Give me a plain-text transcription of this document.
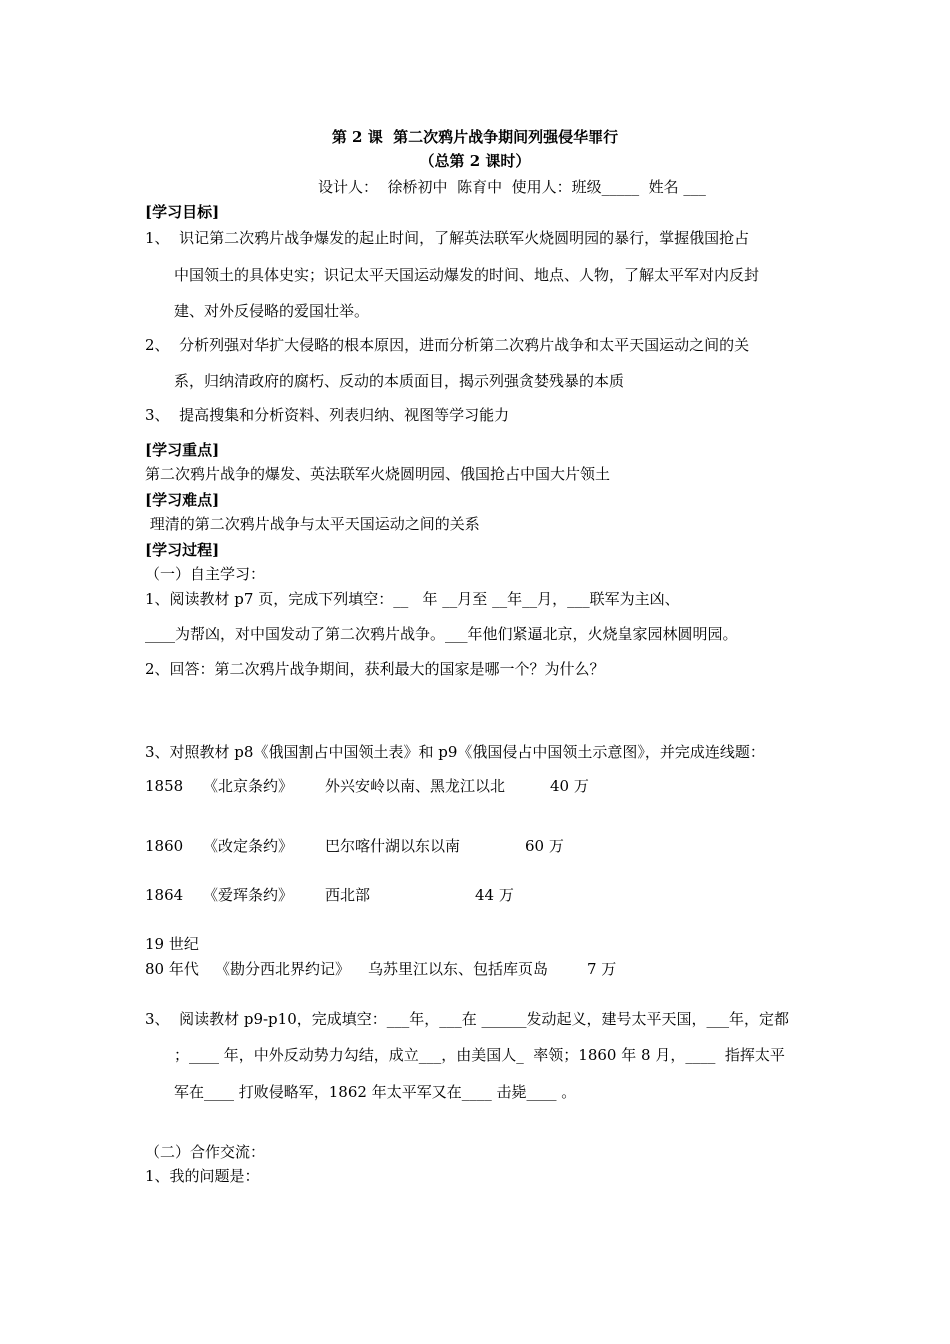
第 2 课  第二次鸦片战争期间列强侵华罪行
（总第 2 课时）
设计人：  徐桥初中  陈育中  使用人：班级_____  姓名 ___
[学习目标]
1、  识记第二次鸦片战争爆发的起止时间，了解英法联军火烧圆明园的暴行，掌握俄国抢占
中国领土的具体史实；识记太平天国运动爆发的时间、地点、人物，了解太平军对内反封
建、对外反侵略的爱国壮举。
2、  分析列强对华扩大侵略的根本原因，进而分析第二次鸦片战争和太平天国运动之间的关
系，归纳清政府的腐朽、反动的本质面目，揭示列强贪婪残暴的本质
3、  提高搜集和分析资料、列表归纳、视图等学习能力
[学习重点]
第二次鸦片战争的爆发、英法联军火烧圆明园、俄国抢占中国大片领土
[学习难点]
理清的第二次鸦片战争与太平天国运动之间的关系
[学习过程]
（一）自主学习：
1、阅读教材 p7 页，完成下列填空：__   年 __月至 __年__月，___联军为主凶、
____为帮凶，对中国发动了第二次鸦片战争。___年他们紧逼北京，火烧皇家园林圆明园。
2、回答：第二次鸦片战争期间，获利最大的国家是哪一个？为什么？
3、对照教材 p8《俄国割占中国领土表》和 p9《俄国侵占中国领土示意图》，并完成连线题：
1858 《北京条约》 外兴安岭以南、黑龙江以北	40 万
1860 《改定条约》 巴尔喀什湖以东以南	60 万
1864 《爱珲条约》 西北部	44 万
19 世纪
80 年代 《勘分西北界约记》 乌苏里江以东、包括库页岛	7 万
3、  阅读教材 p9-p10，完成填空：___年，___在 ______发动起义，建号太平天国，___年，定都
；____ 年，中外反动势力勾结，成立___，由美国人_  率领；1860 年 8 月，____  指挥太平
军在____ 打败侵略军，1862 年太平军又在____ 击毙____ 。
（二）合作交流：
1、我的问题是：
